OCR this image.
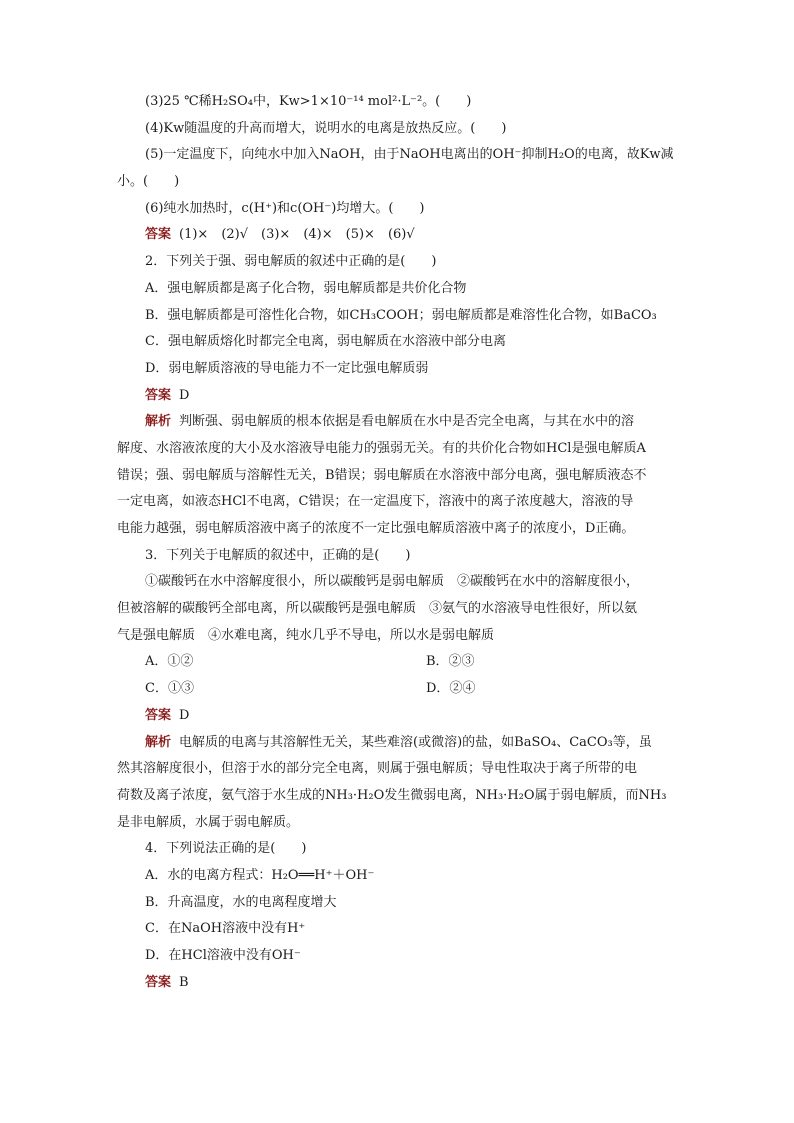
(3)25 ℃稀H₂SO₄中，Kw>1×10⁻¹⁴ mol²·L⁻²。(　　)
(4)Kw随温度的升高而增大，说明水的电离是放热反应。(　　)
(5)一定温度下，向纯水中加入NaOH，由于NaOH电离出的OH⁻抑制H₂O的电离，故Kw减
小。(　　)
(6)纯水加热时，c(H⁺)和c(OH⁻)均增大。(　　)
答案 (1)×　(2)√　(3)×　(4)×　(5)×　(6)√
2．下列关于强、弱电解质的叙述中正确的是(　　)
A．强电解质都是离子化合物，弱电解质都是共价化合物
B．强电解质都是可溶性化合物，如CH₃COOH；弱电解质都是难溶性化合物，如BaCO₃
C．强电解质熔化时都完全电离，弱电解质在水溶液中部分电离
D．弱电解质溶液的导电能力不一定比强电解质弱
答案 D
解析 判断强、弱电解质的根本依据是看电解质在水中是否完全电离，与其在水中的溶
解度、水溶液浓度的大小及水溶液导电能力的强弱无关。有的共价化合物如HCl是强电解质A
错误；强、弱电解质与溶解性无关，B错误；弱电解质在水溶液中部分电离，强电解质液态不
一定电离，如液态HCl不电离，C错误；在一定温度下，溶液中的离子浓度越大，溶液的导
电能力越强，弱电解质溶液中离子的浓度不一定比强电解质溶液中离子的浓度小，D正确。
3．下列关于电解质的叙述中，正确的是(　　)
①碳酸钙在水中溶解度很小，所以碳酸钙是弱电解质　②碳酸钙在水中的溶解度很小，
但被溶解的碳酸钙全部电离，所以碳酸钙是强电解质　③氨气的水溶液导电性很好，所以氨
气是强电解质　④水难电离，纯水几乎不导电，所以水是弱电解质
A．①②	B．②③
C．①③	D．②④
答案 D
解析 电解质的电离与其溶解性无关，某些难溶(或微溶)的盐，如BaSO₄、CaCO₃等，虽
然其溶解度很小，但溶于水的部分完全电离，则属于强电解质；导电性取决于离子所带的电
荷数及离子浓度，氨气溶于水生成的NH₃·H₂O发生微弱电离，NH₃·H₂O属于弱电解质，而NH₃
是非电解质，水属于弱电解质。
4．下列说法正确的是(　　)
A．水的电离方程式：H₂O══H⁺＋OH⁻
B．升高温度，水的电离程度增大
C．在NaOH溶液中没有H⁺
D．在HCl溶液中没有OH⁻
答案 B
